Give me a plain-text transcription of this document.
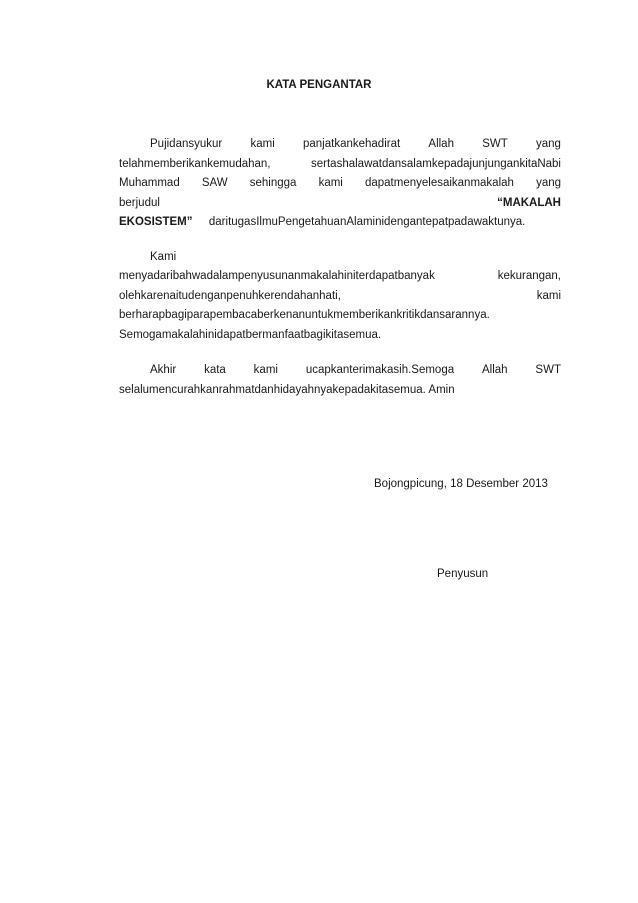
KATA PENGANTAR
Pujidansyukur kami panjatkankehadirat Allah SWT yang
telahmemberikankemudahan,	sertashalawatdansalamkepadajunjungankitaNabi
Muhammad SAW sehingga kami dapatmenyelesaikanmakalah yang
berjudul	“MAKALAH
EKOSISTEM” daritugasIlmuPengetahuanAlaminidengantepatpadawaktunya.
Kami
menyadaribahwadalampenyusunanmakalahiniterdapatbanyak	kekurangan,
olehkarenaitudenganpenuhkerendahanhati,	kami
berharapbagiparapembacaberkenanuntukmemberikankritikdansarannya.
Semogamakalahinidapatbermanfaatbagikitasemua.
Akhir kata kami ucapkanterimakasih.Semoga Allah SWT
selalumencurahkanrahmatdanhidayahnyakepadakitasemua. Amin
Bojongpicung, 18 Desember 2013
Penyusun
